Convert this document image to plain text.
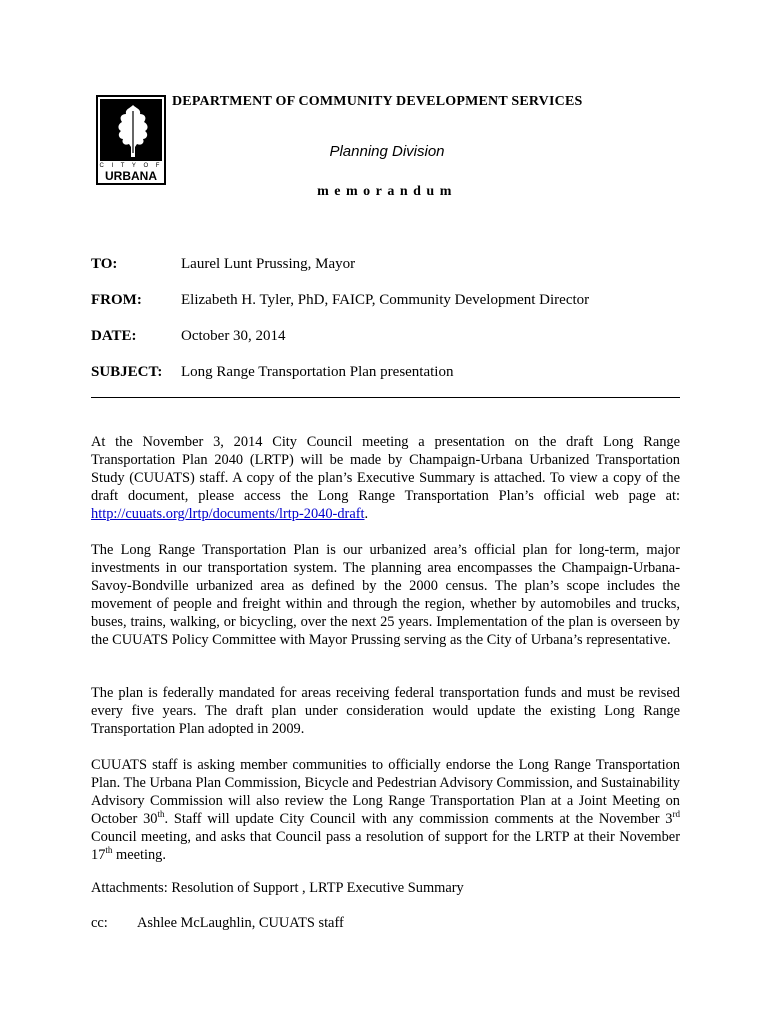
C I T Y O F
URBANA
DEPARTMENT OF COMMUNITY DEVELOPMENT SERVICES
Planning Division
memorandum
TO:	Laurel Lunt Prussing, Mayor
FROM:	Elizabeth H. Tyler, PhD, FAICP, Community Development Director
DATE:	October 30, 2014
SUBJECT: Long Range Transportation Plan presentation
At the November 3, 2014 City Council meeting a presentation on the draft Long Range Transportation Plan 2040 (LRTP) will be made by Champaign-Urbana Urbanized Transportation Study (CUUATS) staff. A copy of the plan’s Executive Summary is attached. To view a copy of the draft document, please access the Long Range Transportation Plan’s official web page at: http://cuuats.org/lrtp/documents/lrtp-2040-draft.
The Long Range Transportation Plan is our urbanized area’s official plan for long-term, major investments in our transportation system. The planning area encompasses the Champaign-Urbana-Savoy-Bondville urbanized area as defined by the 2000 census. The plan’s scope includes the movement of people and freight within and through the region, whether by automobiles and trucks, buses, trains, walking, or bicycling, over the next 25 years. Implementation of the plan is overseen by the CUUATS Policy Committee with Mayor Prussing serving as the City of Urbana’s representative.
The plan is federally mandated for areas receiving federal transportation funds and must be revised every five years. The draft plan under consideration would update the existing Long Range Transportation Plan adopted in 2009.
CUUATS staff is asking member communities to officially endorse the Long Range Transportation Plan. The Urbana Plan Commission, Bicycle and Pedestrian Advisory Commission, and Sustainability Advisory Commission will also review the Long Range Transportation Plan at a Joint Meeting on October 30th. Staff will update City Council with any commission comments at the November 3rd Council meeting, and asks that Council pass a resolution of support for the LRTP at their November 17th meeting.
Attachments: Resolution of Support , LRTP Executive Summary
cc: Ashlee McLaughlin, CUUATS staff
